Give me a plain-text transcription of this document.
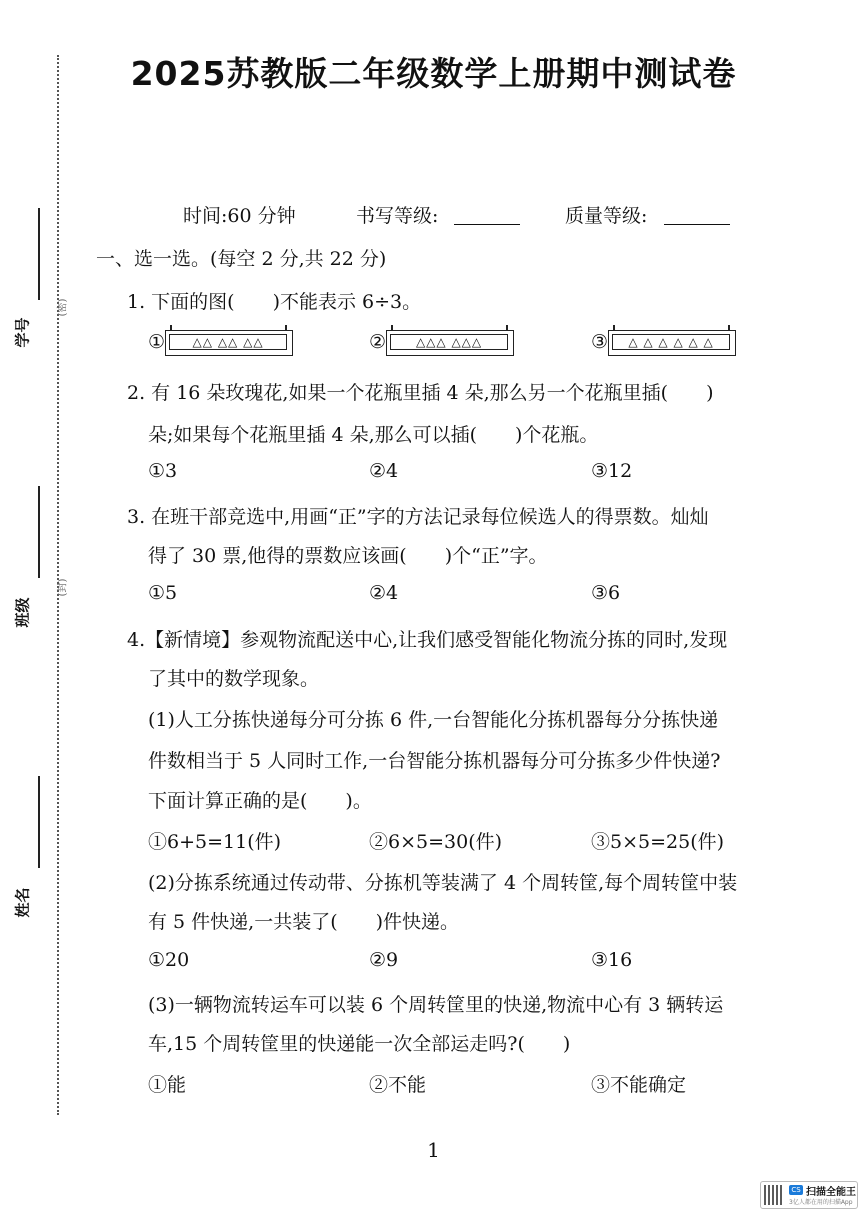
(密)
学号
(封)
班级
姓名
2025苏教版二年级数学上册期中测试卷
时间:60 分钟	书写等级:	质量等级:
一、选一选。(每空 2 分,共 22 分)
1. 下面的图(　　)不能表示 6÷3。
①	△△ △△ △△	②	△△△ △△△	③	△ △ △ △ △ △
2. 有 16 朵玫瑰花,如果一个花瓶里插 4 朵,那么另一个花瓶里插(　　)
朵;如果每个花瓶里插 4 朵,那么可以插(　　)个花瓶。
①3	②4	③12
3. 在班干部竞选中,用画“正”字的方法记录每位候选人的得票数。灿灿
得了 30 票,他得的票数应该画(　　)个“正”字。
①5	②4	③6
4.【新情境】参观物流配送中心,让我们感受智能化物流分拣的同时,发现
了其中的数学现象。
(1)人工分拣快递每分可分拣 6 件,一台智能化分拣机器每分分拣快递
件数相当于 5 人同时工作,一台智能分拣机器每分可分拣多少件快递?
下面计算正确的是(　　)。
①6+5=11(件)	②6×5=30(件)	③5×5=25(件)
(2)分拣系统通过传动带、分拣机等装满了 4 个周转筐,每个周转筐中装
有 5 件快递,一共装了(　　)件快递。
①20	②9	③16
(3)一辆物流转运车可以装 6 个周转筐里的快递,物流中心有 3 辆转运
车,15 个周转筐里的快递能一次全部运走吗?(　　)
①能	②不能	③不能确定
1
CS 扫描全能王
3亿人都在用的扫描App
